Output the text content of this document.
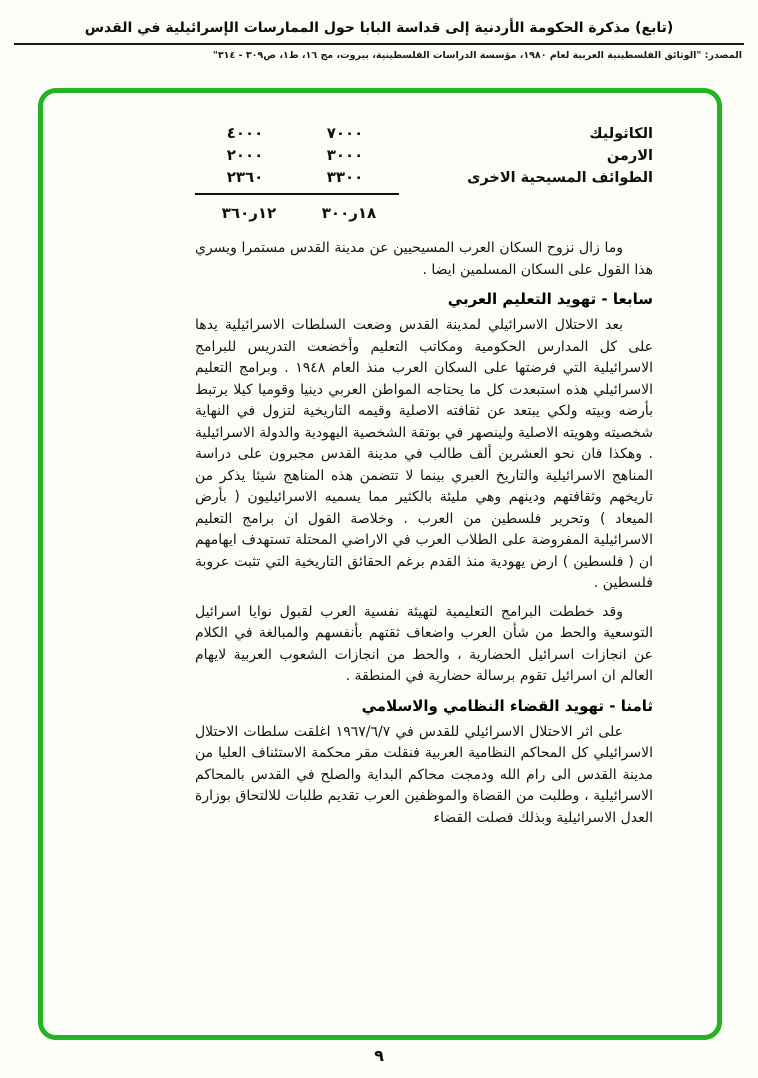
(تابع) مذكرة الحكومة الأردنية إلى قداسة البابا حول الممارسات الإسرائيلية في القدس
المصدر: "الوثائق الفلسطينية العربية لعام ١٩٨٠، مؤسسة الدراسات الفلسطينية، بيروت، مج ١٦، ط١، ص٣٠٩ - ٣١٤"
الكاثوليك
٧٠٠٠
٤٠٠٠
الارمن
٣٠٠٠
٢٠٠٠
الطوائف المسيحية الاخرى
٣٣٠٠
٢٣٦٠
١٨ر٣٠٠
١٢ر٣٦٠

وما زال نزوح السكان العرب المسيحيين عن مدينة القدس مستمرا ويسري هذا القول على السكان المسلمين ايضا .

سابعا - تهويد التعليم العربي

بعد الاحتلال الاسرائيلي لمدينة القدس وضعت السلطات الاسرائيلية يدها على كل المدارس الحكومية ومكاتب التعليم وأخضعت التدريس للبرامج الاسرائيلية التي فرضتها على السكان العرب منذ العام ١٩٤٨ . وبرامج التعليم الاسرائيلي هذه استبعدت كل ما يحتاجه المواطن العربي دينيا وقوميا كيلا يرتبط بأرضه وبيته ولكي يبتعد عن ثقافته الاصلية وقيمه التاريخية لتزول في النهاية شخصيته وهويته الاصلية ولينصهر في بوتقة الشخصية اليهودية والدولة الاسرائيلية . وهكذا فان نحو العشرين ألف طالب في مدينة القدس مجبرون على دراسة المناهج الاسرائيلية والتاريخ العبري بينما لا تتضمن هذه المناهج شيئا يذكر من تاريخهم وثقافتهم ودينهم وهي مليئة بالكثير مما يسميه الاسرائيليون ( بأرض الميعاد ) وتحرير فلسطين من العرب . وخلاصة القول ان برامج التعليم الاسرائيلية المفروضة على الطلاب العرب في الاراضي المحتلة تستهدف ايهامهم ان ( فلسطين ) ارض يهودية منذ القدم برغم الحقائق التاريخية التي تثبت عروبة فلسطين .

وقد خططت البرامج التعليمية لتهيئة نفسية العرب لقبول نوايا اسرائيل التوسعية والحط من شأن العرب واضعاف ثقتهم بأنفسهم والمبالغة في الكلام عن انجازات اسرائيل الحضارية ، والحط من انجازات الشعوب العربية لايهام العالم ان اسرائيل تقوم برسالة حضارية في المنطقة .

ثامنا - تهويد القضاء النظامي والاسلامي

على اثر الاحتلال الاسرائيلي للقدس في ١٩٦٧/٦/٧ اغلقت سلطات الاحتلال الاسرائيلي كل المحاكم النظامية العربية فنقلت مقر محكمة الاستئناف العليا من مدينة القدس الى رام الله ودمجت محاكم البداية والصلح في القدس بالمحاكم الاسرائيلية ، وطلبت من القضاة والموظفين العرب تقديم طلبات للالتحاق بوزارة العدل الاسرائيلية وبذلك فصلت القضاء

٩
